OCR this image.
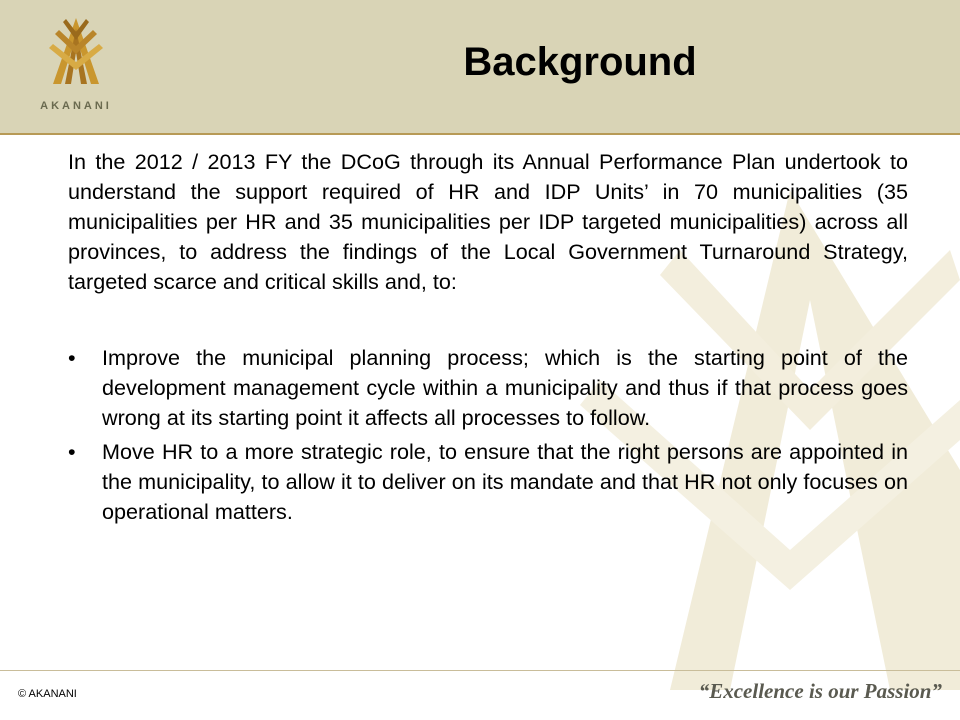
AKANANI
Background

In the 2012 / 2013 FY the DCoG through its Annual Performance Plan undertook to understand the support required of HR and IDP Units’ in 70 municipalities (35 municipalities per HR and 35 municipalities per IDP targeted municipalities) across all provinces, to address the findings of the Local Government Turnaround Strategy, targeted scarce and critical skills and, to:

• Improve the municipal planning process; which is the starting point of the development management cycle within a municipality and thus if that process goes wrong at its starting point it affects all processes to follow.
• Move HR to a more strategic role, to ensure that the right persons are appointed in the municipality, to allow it to deliver on its mandate and that HR not only focuses on operational matters.
© AKANANI	“Excellence is our Passion”
